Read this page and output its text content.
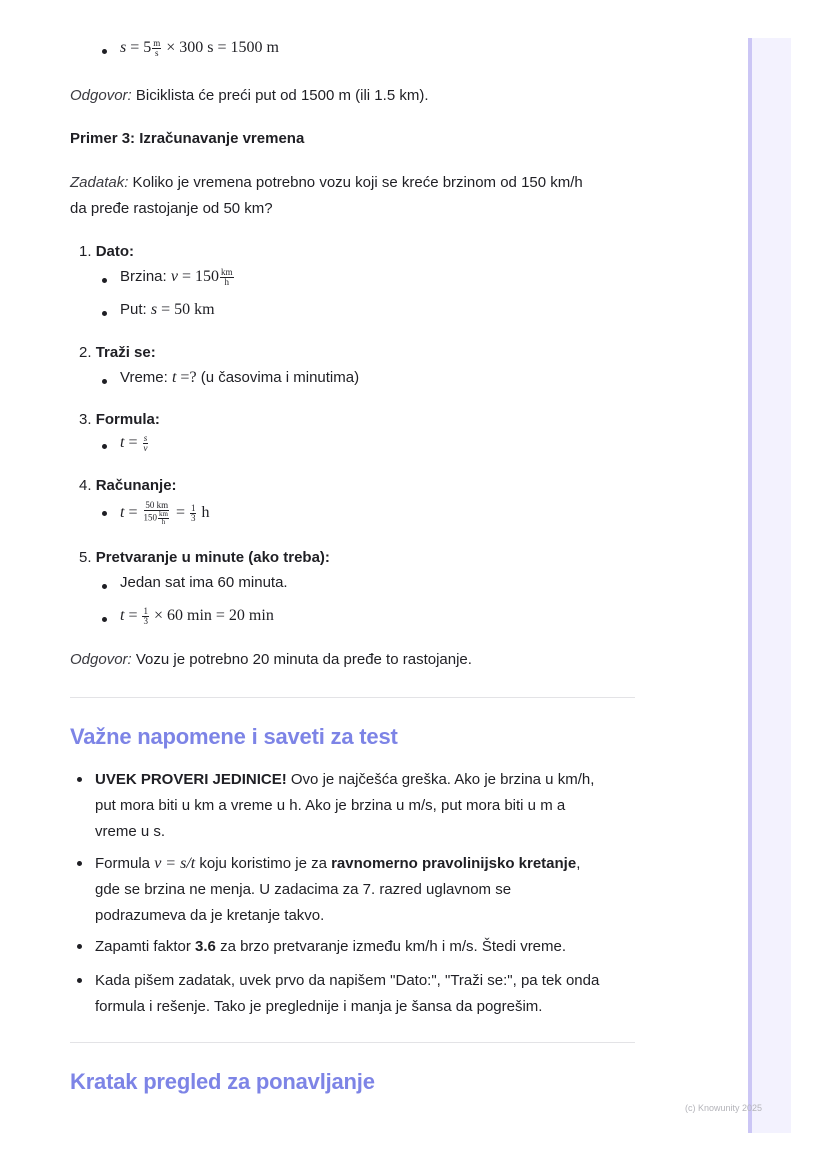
$s = 5 \frac{m}{s} \times 300$ s = 1500 m
Odgovor: Biciklista će preći put od 1500 m (ili 1.5 km).
Primer 3: Izračunavanje vremena
Zadatak: Koliko je vremena potrebno vozu koji se kreće brzinom od 150 km/h
da pređe rastojanje od 50 km?
1. Dato:
Brzina: $v = 150 \frac{km}{h}$
Put: s = 50 km
2. Traži se:
Vreme: t =? (u časovima i minutima)
3. Formula:
$t = \frac{s}{v}$
4. Računanje:
$t = \frac{50 km}{150 \frac{km}{h}} = \frac{1}{3}$ h
5. Pretvaranje u minute (ako treba):
Jedan sat ima 60 minuta.
$t = \frac{1}{3} \times 60$ min = 20 min
Odgovor: Vozu je potrebno 20 minuta da pređe to rastojanje.
Važne napomene i saveti za test
UVEK PROVERI JEDINICE! Ovo je najčešća greška. Ako je brzina u km/h,
put mora biti u km a vreme u h. Ako je brzina u m/s, put mora biti u m a
vreme u s.
Formula v = s/t koju koristimo je za ravnomerno pravolinijsko kretanje,
gde se brzina ne menja. U zadacima za 7. razred uglavnom se
podrazumeva da je kretanje takvo.
Zapamti faktor 3.6 za brzo pretvaranje između km/h i m/s. Štedi vreme.
Kada pišem zadatak, uvek prvo da napišem "Dato:", "Traži se:", pa tek onda
formula i rešenje. Tako je preglednije i manja je šansa da pogrešim.
Kratak pregled za ponavljanje
(c) Knowunity 2025
